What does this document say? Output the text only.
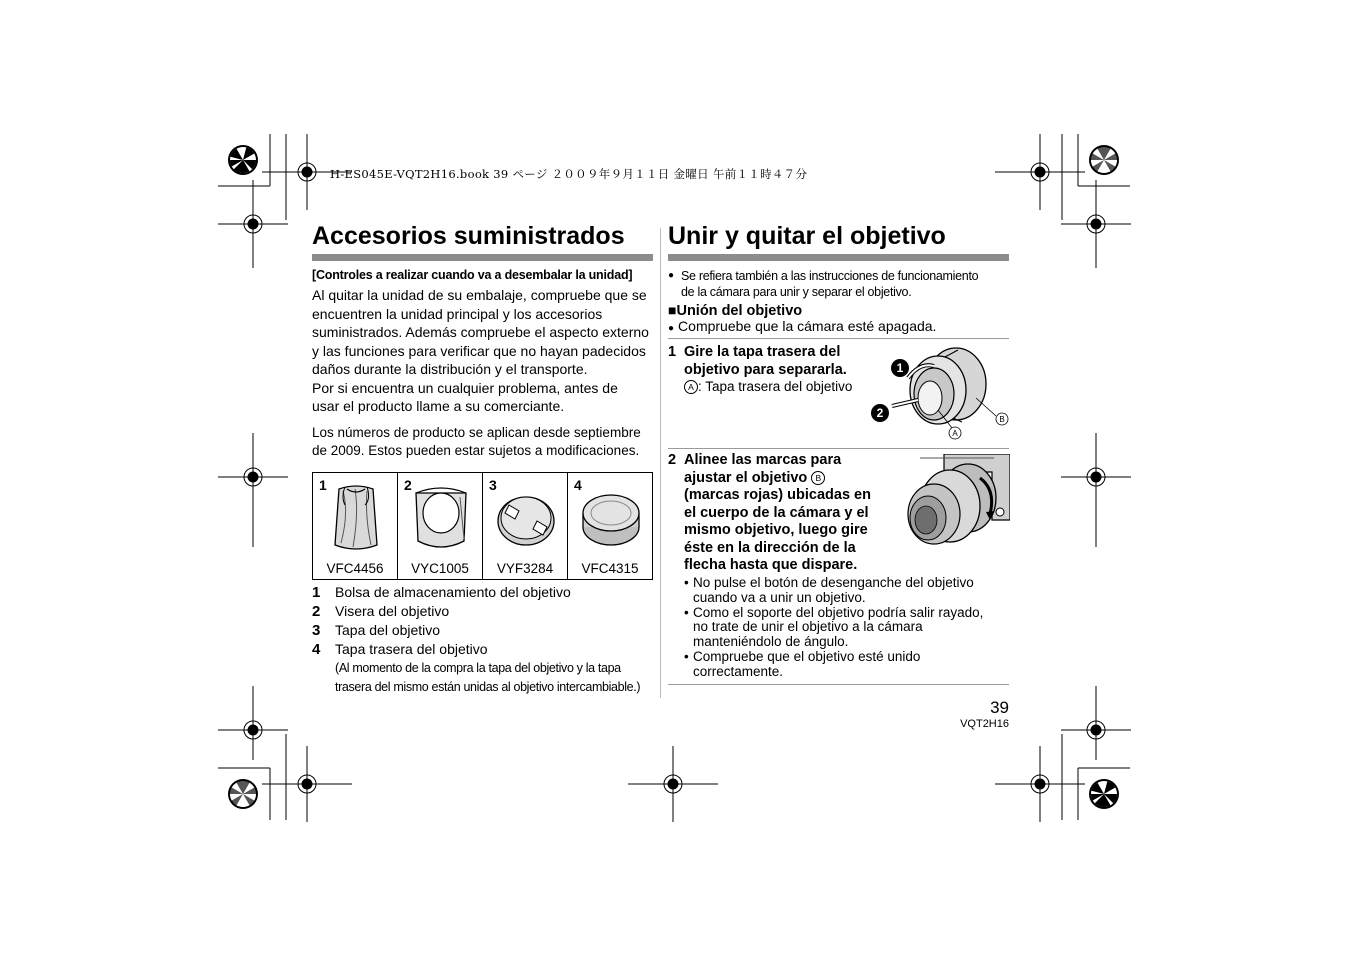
H-ES045E-VQT2H16.book 39 ページ ２００９年９月１１日 金曜日 午前１１時４７分
Accesorios suministrados
[Controles a realizar cuando va a desembalar la unidad]
Al quitar la unidad de su embalaje, compruebe que se
encuentren la unidad principal y los accesorios
suministrados. Además compruebe el aspecto externo
y las funciones para verificar que no hayan padecidos
daños durante la distribución y el transporte.
Por si encuentra un cualquier problema, antes de
usar el producto llame a su comerciante.
Los números de producto se aplican desde septiembre
de 2009. Estos pueden estar sujetos a modificaciones.
1
VFC4456

2
VYC1005

3
VYF3284

4
VFC4315
1	Bolsa de almacenamiento del objetivo
2	Visera del objetivo
3	Tapa del objetivo
4	Tapa trasera del objetivo
(Al momento de la compra la tapa del objetivo y la tapa
trasera del mismo están unidas al objetivo intercambiable.)
Unir y quitar el objetivo
● Se refiera también a las instrucciones de funcionamiento
de la cámara para unir y separar el objetivo.
■Unión del objetivo
● Compruebe que la cámara esté apagada.
1 Gire la tapa trasera del
objetivo para separarla.
A : Tapa trasera del objetivo
1
2
A
B
2 Alinee las marcas para
ajustar el objetivo B
(marcas rojas) ubicadas en
el cuerpo de la cámara y el
mismo objetivo, luego gire
éste en la dirección de la
flecha hasta que dispare.
• No pulse el botón de desenganche del objetivo
cuando va a unir un objetivo.
• Como el soporte del objetivo podría salir rayado,
no trate de unir el objetivo a la cámara
manteniéndolo de ángulo.
• Compruebe que el objetivo esté unido
correctamente.
39
VQT2H16
